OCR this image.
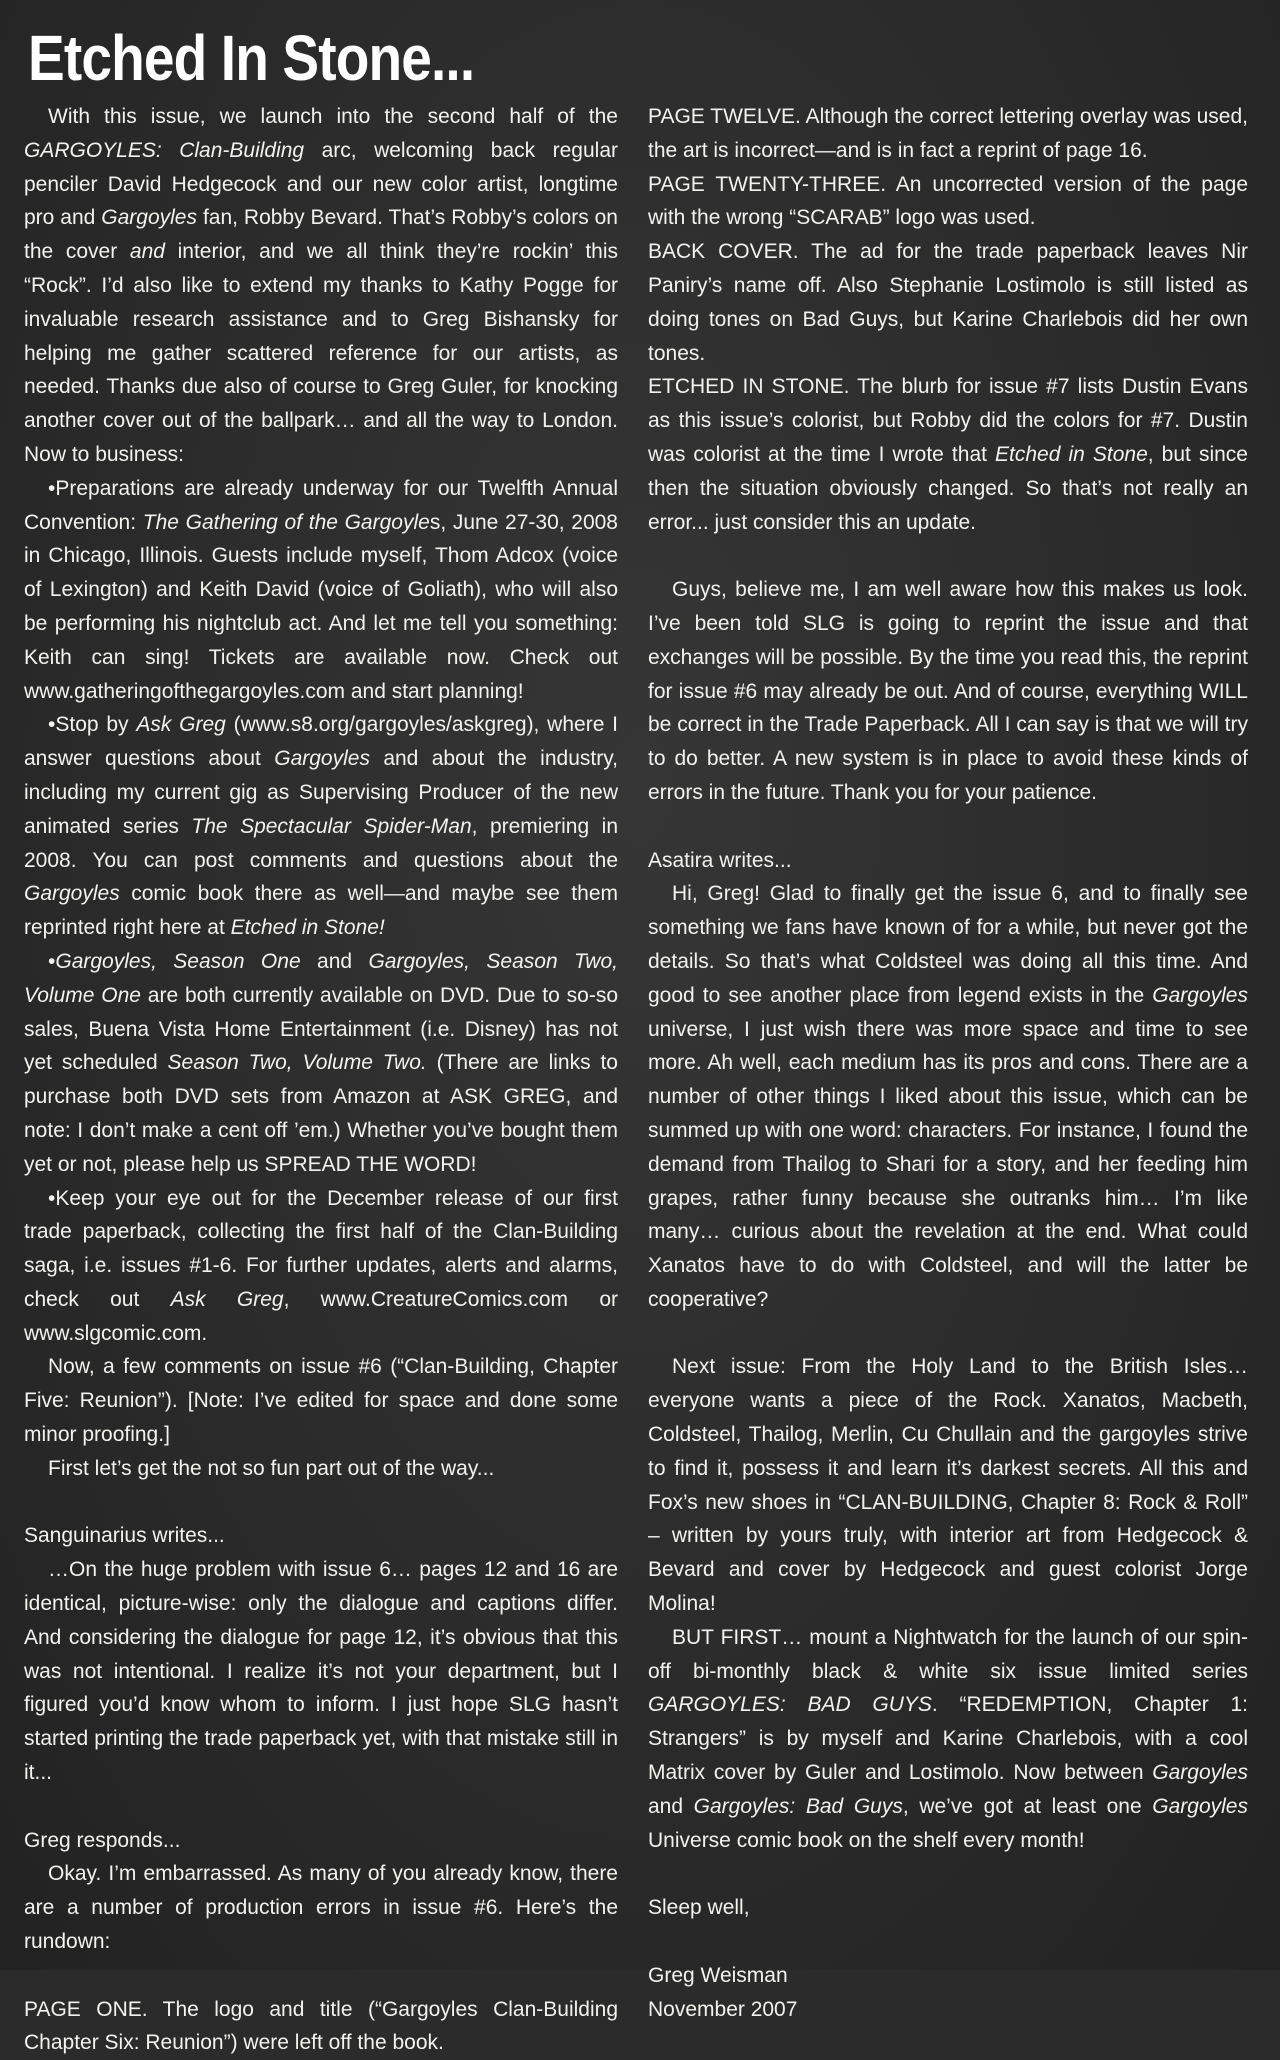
Etched In Stone...

With this issue, we launch into the second half of the GARGOYLES: Clan-Building arc, welcoming back regular penciler David Hedgecock and our new color artist, longtime pro and Gargoyles fan, Robby Bevard. That’s Robby’s colors on the cover and interior, and we all think they’re rockin’ this “Rock”. I’d also like to extend my thanks to Kathy Pogge for invaluable research assistance and to Greg Bishansky for helping me gather scattered reference for our artists, as needed. Thanks due also of course to Greg Guler, for knocking another cover out of the ballpark… and all the way to London. Now to business:

• Preparations are already underway for our Twelfth Annual Convention: The Gathering of the Gargoyles, June 27-30, 2008 in Chicago, Illinois. Guests include myself, Thom Adcox (voice of Lexington) and Keith David (voice of Goliath), who will also be performing his nightclub act. And let me tell you something: Keith can sing! Tickets are available now. Check out www.gatheringofthegargoyles.com and start planning!

• Stop by Ask Greg (www.s8.org/gargoyles/askgreg), where I answer questions about Gargoyles and about the industry, including my current gig as Supervising Producer of the new animated series The Spectacular Spider-Man, premiering in 2008. You can post comments and questions about the Gargoyles comic book there as well—and maybe see them reprinted right here at Etched in Stone!

• Gargoyles, Season One and Gargoyles, Season Two, Volume One are both currently available on DVD. Due to so-so sales, Buena Vista Home Entertainment (i.e. Disney) has not yet scheduled Season Two, Volume Two. (There are links to purchase both DVD sets from Amazon at ASK GREG, and note: I don’t make a cent off ’em.) Whether you’ve bought them yet or not, please help us SPREAD THE WORD!

• Keep your eye out for the December release of our first trade paperback, collecting the first half of the Clan-Building saga, i.e. issues #1-6. For further updates, alerts and alarms, check out Ask Greg, www.CreatureComics.com or www.slgcomic.com.

Now, a few comments on issue #6 (“Clan-Building, Chapter Five: Reunion”). [Note: I’ve edited for space and done some minor proofing.]

First let’s get the not so fun part out of the way...

Sanguinarius writes...

…On the huge problem with issue 6… pages 12 and 16 are identical, picture-wise: only the dialogue and captions differ. And considering the dialogue for page 12, it’s obvious that this was not intentional. I realize it’s not your department, but I figured you’d know whom to inform. I just hope SLG hasn’t started printing the trade paperback yet, with that mistake still in it...

Greg responds...

Okay. I’m embarrassed. As many of you already know, there are a number of production errors in issue #6. Here’s the rundown:

PAGE ONE. The logo and title (“Gargoyles Clan-Building Chapter Six: Reunion”) were left off the book.

PAGE TWELVE. Although the correct lettering overlay was used, the art is incorrect—and is in fact a reprint of page 16.

PAGE TWENTY-THREE. An uncorrected version of the page with the wrong “SCARAB” logo was used.

BACK COVER. The ad for the trade paperback leaves Nir Paniry’s name off. Also Stephanie Lostimolo is still listed as doing tones on Bad Guys, but Karine Charlebois did her own tones.

ETCHED IN STONE. The blurb for issue #7 lists Dustin Evans as this issue’s colorist, but Robby did the colors for #7. Dustin was colorist at the time I wrote that Etched in Stone, but since then the situation obviously changed. So that’s not really an error... just consider this an update.

Guys, believe me, I am well aware how this makes us look. I’ve been told SLG is going to reprint the issue and that exchanges will be possible. By the time you read this, the reprint for issue #6 may already be out. And of course, everything WILL be correct in the Trade Paperback. All I can say is that we will try to do better. A new system is in place to avoid these kinds of errors in the future. Thank you for your patience.

Asatira writes...

Hi, Greg! Glad to finally get the issue 6, and to finally see something we fans have known of for a while, but never got the details. So that’s what Coldsteel was doing all this time. And good to see another place from legend exists in the Gargoyles universe, I just wish there was more space and time to see more. Ah well, each medium has its pros and cons. There are a number of other things I liked about this issue, which can be summed up with one word: characters. For instance, I found the demand from Thailog to Shari for a story, and her feeding him grapes, rather funny because she outranks him… I’m like many… curious about the revelation at the end. What could Xanatos have to do with Coldsteel, and will the latter be cooperative?

Next issue: From the Holy Land to the British Isles… everyone wants a piece of the Rock. Xanatos, Macbeth, Coldsteel, Thailog, Merlin, Cu Chullain and the gargoyles strive to find it, possess it and learn it’s darkest secrets. All this and Fox’s new shoes in “CLAN-BUILDING, Chapter 8: Rock & Roll” – written by yours truly, with interior art from Hedgecock & Bevard and cover by Hedgecock and guest colorist Jorge Molina!

BUT FIRST… mount a Nightwatch for the launch of our spin-off bi-monthly black & white six issue limited series GARGOYLES: BAD GUYS. “REDEMPTION, Chapter 1: Strangers” is by myself and Karine Charlebois, with a cool Matrix cover by Guler and Lostimolo. Now between Gargoyles and Gargoyles: Bad Guys, we’ve got at least one Gargoyles Universe comic book on the shelf every month!

Sleep well,

Greg Weisman

November 2007
